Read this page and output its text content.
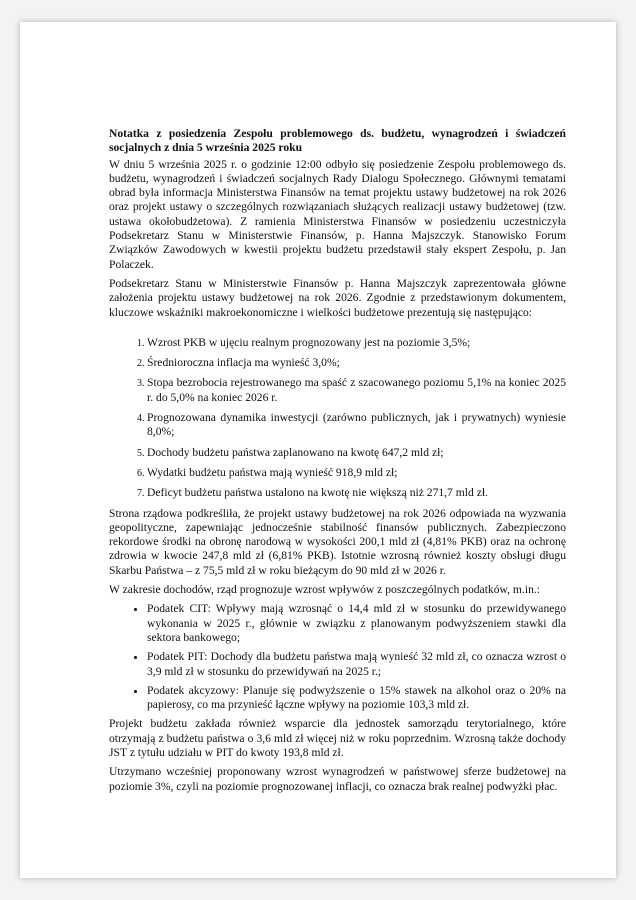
Notatka z posiedzenia Zespołu problemowego ds. budżetu, wynagrodzeń i świadczeń socjalnych z dnia 5 września 2025 roku

W dniu 5 września 2025 r. o godzinie 12:00 odbyło się posiedzenie Zespołu problemowego ds. budżetu, wynagrodzeń i świadczeń socjalnych Rady Dialogu Społecznego. Głównymi tematami obrad była informacja Ministerstwa Finansów na temat projektu ustawy budżetowej na rok 2026 oraz projekt ustawy o szczególnych rozwiązaniach służących realizacji ustawy budżetowej (tzw. ustawa okołobudżetowa). Z ramienia Ministerstwa Finansów w posiedzeniu uczestniczyła Podsekretarz Stanu w Ministerstwie Finansów, p. Hanna Majszczyk. Stanowisko Forum Związków Zawodowych w kwestii projektu budżetu przedstawił stały ekspert Zespołu, p. Jan Polaczek.

Podsekretarz Stanu w Ministerstwie Finansów p. Hanna Majszczyk zaprezentowała główne założenia projektu ustawy budżetowej na rok 2026. Zgodnie z przedstawionym dokumentem, kluczowe wskaźniki makroekonomiczne i wielkości budżetowe prezentują się następująco:

1. Wzrost PKB w ujęciu realnym prognozowany jest na poziomie 3,5%;
2. Średnioroczna inflacja ma wynieść 3,0%;
3. Stopa bezrobocia rejestrowanego ma spaść z szacowanego poziomu 5,1% na koniec 2025 r. do 5,0% na koniec 2026 r.
4. Prognozowana dynamika inwestycji (zarówno publicznych, jak i prywatnych) wyniesie 8,0%;
5. Dochody budżetu państwa zaplanowano na kwotę 647,2 mld zł;
6. Wydatki budżetu państwa mają wynieść 918,9 mld zł;
7. Deficyt budżetu państwa ustalono na kwotę nie większą niż 271,7 mld zł.

Strona rządowa podkreśliła, że projekt ustawy budżetowej na rok 2026 odpowiada na wyzwania geopolityczne, zapewniając jednocześnie stabilność finansów publicznych. Zabezpieczono rekordowe środki na obronę narodową w wysokości 200,1 mld zł (4,81% PKB) oraz na ochronę zdrowia w kwocie 247,8 mld zł (6,81% PKB). Istotnie wzrosną również koszty obsługi długu Skarbu Państwa – z 75,5 mld zł w roku bieżącym do 90 mld zł w 2026 r.

W zakresie dochodów, rząd prognozuje wzrost wpływów z poszczególnych podatków, m.in.:

• Podatek CIT: Wpływy mają wzrosnąć o 14,4 mld zł w stosunku do przewidywanego wykonania w 2025 r., głównie w związku z planowanym podwyższeniem stawki dla sektora bankowego;
• Podatek PIT: Dochody dla budżetu państwa mają wynieść 32 mld zł, co oznacza wzrost o 3,9 mld zł w stosunku do przewidywań na 2025 r.;
• Podatek akcyzowy: Planuje się podwyższenie o 15% stawek na alkohol oraz o 20% na papierosy, co ma przynieść łączne wpływy na poziomie 103,3 mld zł.

Projekt budżetu zakłada również wsparcie dla jednostek samorządu terytorialnego, które otrzymają z budżetu państwa o 3,6 mld zł więcej niż w roku poprzednim. Wzrosną także dochody JST z tytułu udziału w PIT do kwoty 193,8 mld zł.

Utrzymano wcześniej proponowany wzrost wynagrodzeń w państwowej sferze budżetowej na poziomie 3%, czyli na poziomie prognozowanej inflacji, co oznacza brak realnej podwyżki płac.
